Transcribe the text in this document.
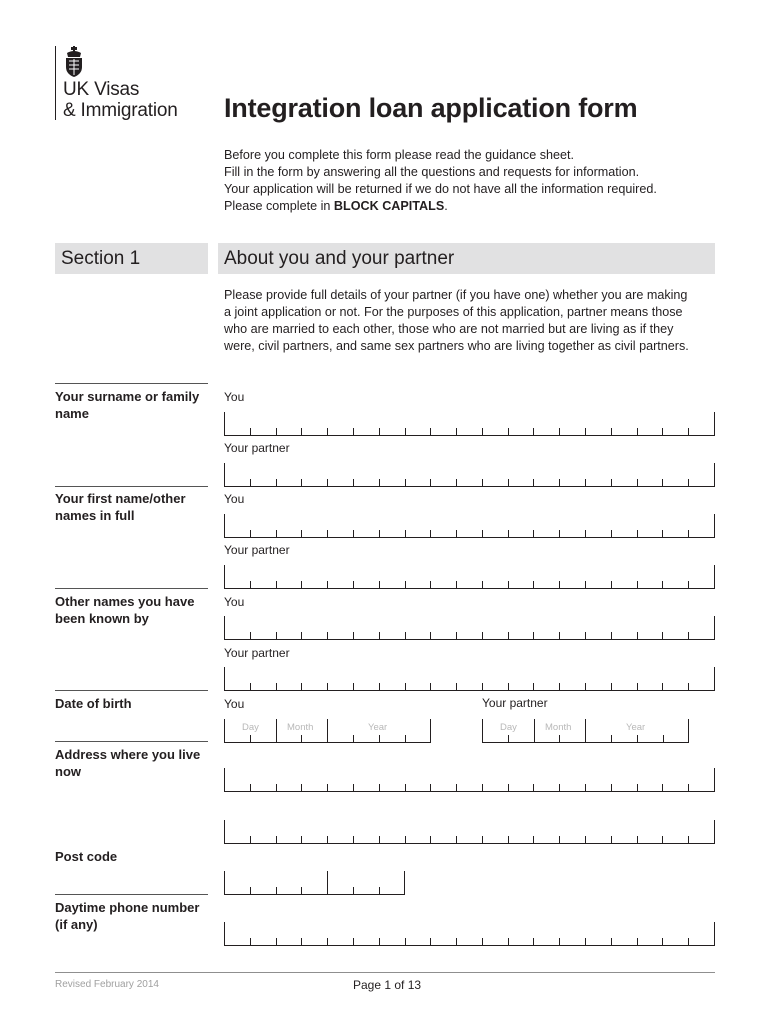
UK Visas
& Immigration Integration loan application form
Before you complete this form please read the guidance sheet.
Fill in the form by answering all the questions and requests for information.
Your application will be returned if we do not have all the information required.
Please complete in BLOCK CAPITALS.
Section 1	About you and your partner
Please provide full details of your partner (if you have one) whether you are making a joint application or not. For the purposes of this application, partner means those who are married to each other, those who are not married but are living as if they were, civil partners, and same sex partners who are living together as civil partners.
Your surname or family name
You
Your partner
Your first name/other names in full
You
Your partner
Other names you have been known by
You
Your partner
Date of birth	You	Your partner
Day	Month	Year	Day	Month	Year
Address where you live now
Post code
Daytime phone number (if any)
Revised February 2014	Page 1 of 13
